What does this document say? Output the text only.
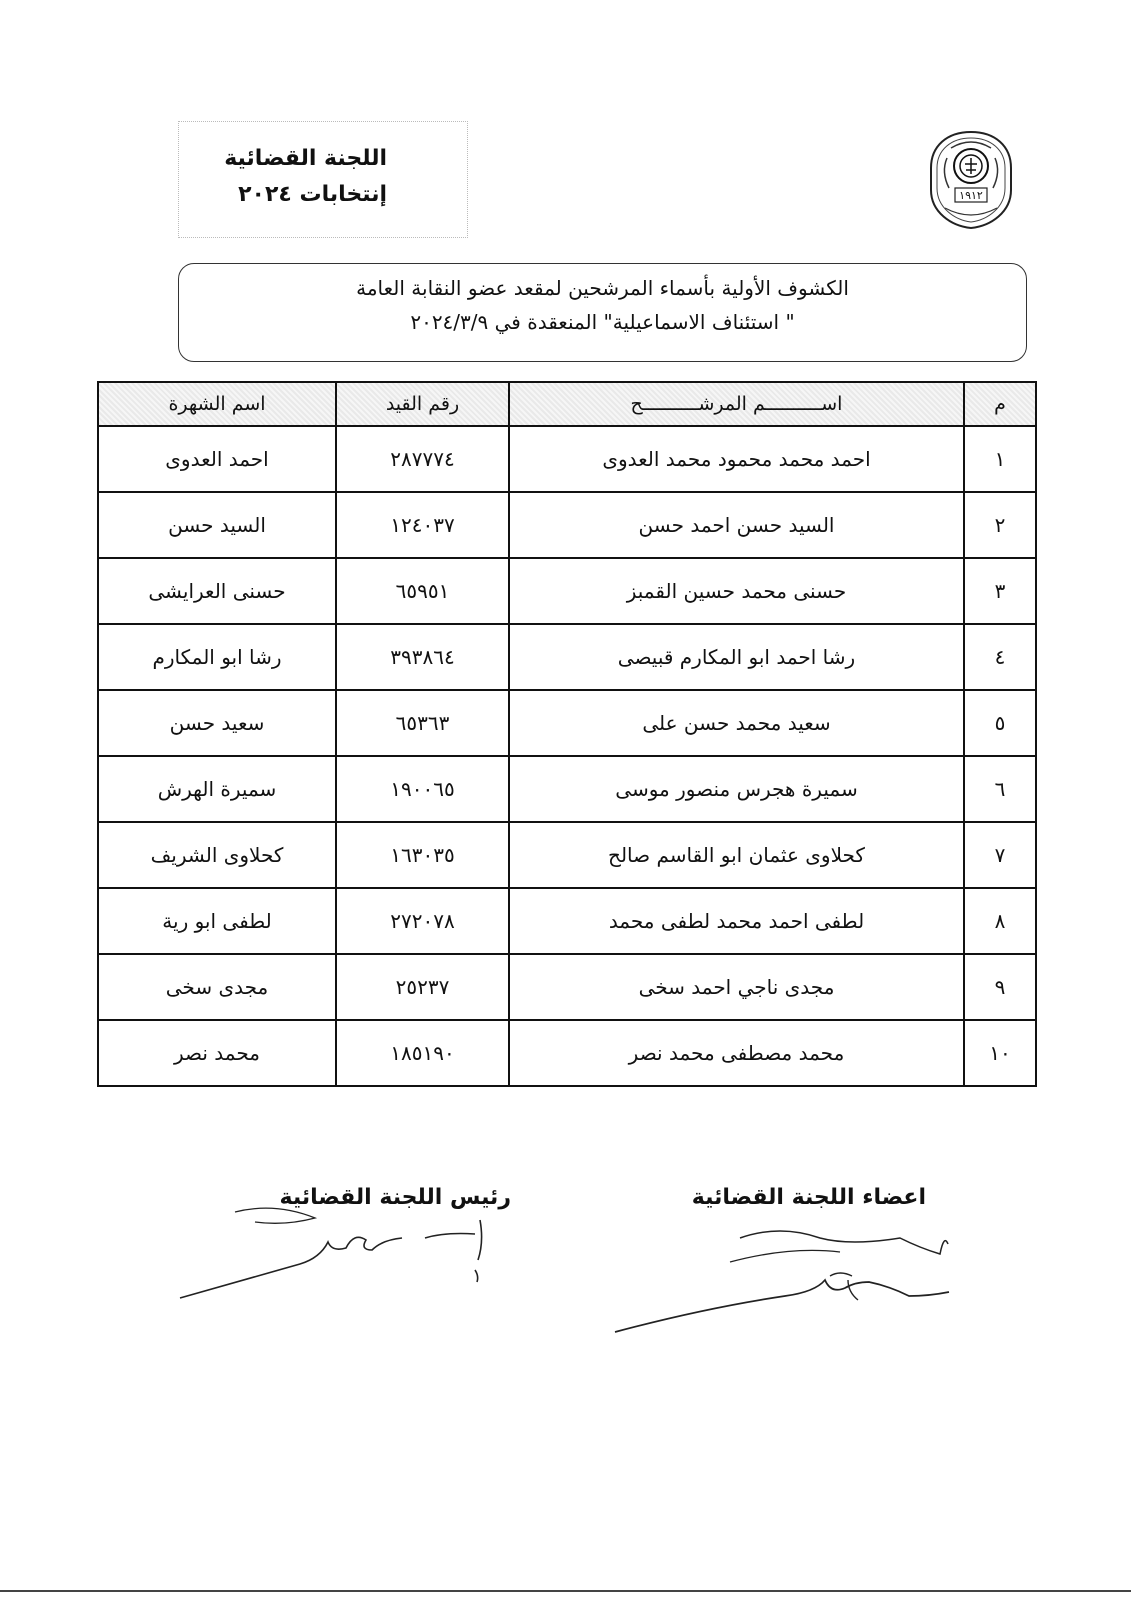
اللجنة القضائية
إنتخابات ٢٠٢٤	١٩١٢
الكشوف الأولية بأسماء المرشحين لمقعد عضو النقابة العامة
" استئناف الاسماعيلية" المنعقدة في ٢٠٢٤/٣/٩
م	اســــــــــم المرشــــــــــح	رقم القيد	اسم الشهرة
١	احمد محمد محمود محمد العدوى	٢٨٧٧٧٤	احمد العدوى
٢	السيد حسن احمد حسن	١٢٤٠٣٧	السيد حسن
٣	حسنى محمد حسين القمبز	٦٥٩٥١	حسنى العرايشى
٤	رشا احمد ابو المكارم قبيصى	٣٩٣٨٦٤	رشا ابو المكارم
٥	سعيد محمد حسن على	٦٥٣٦٣	سعيد حسن
٦	سميرة هجرس منصور موسى	١٩٠٠٦٥	سميرة الهرش
٧	كحلاوى عثمان ابو القاسم صالح	١٦٣٠٣٥	كحلاوى الشريف
٨	لطفى احمد محمد لطفى محمد	٢٧٢٠٧٨	لطفى ابو رية
٩	مجدى ناجي احمد سخى	٢٥٢٣٧	مجدى سخى
١٠	محمد مصطفى محمد نصر	١٨٥١٩٠	محمد نصر
اعضاء اللجنة القضائية
رئيس اللجنة القضائية
